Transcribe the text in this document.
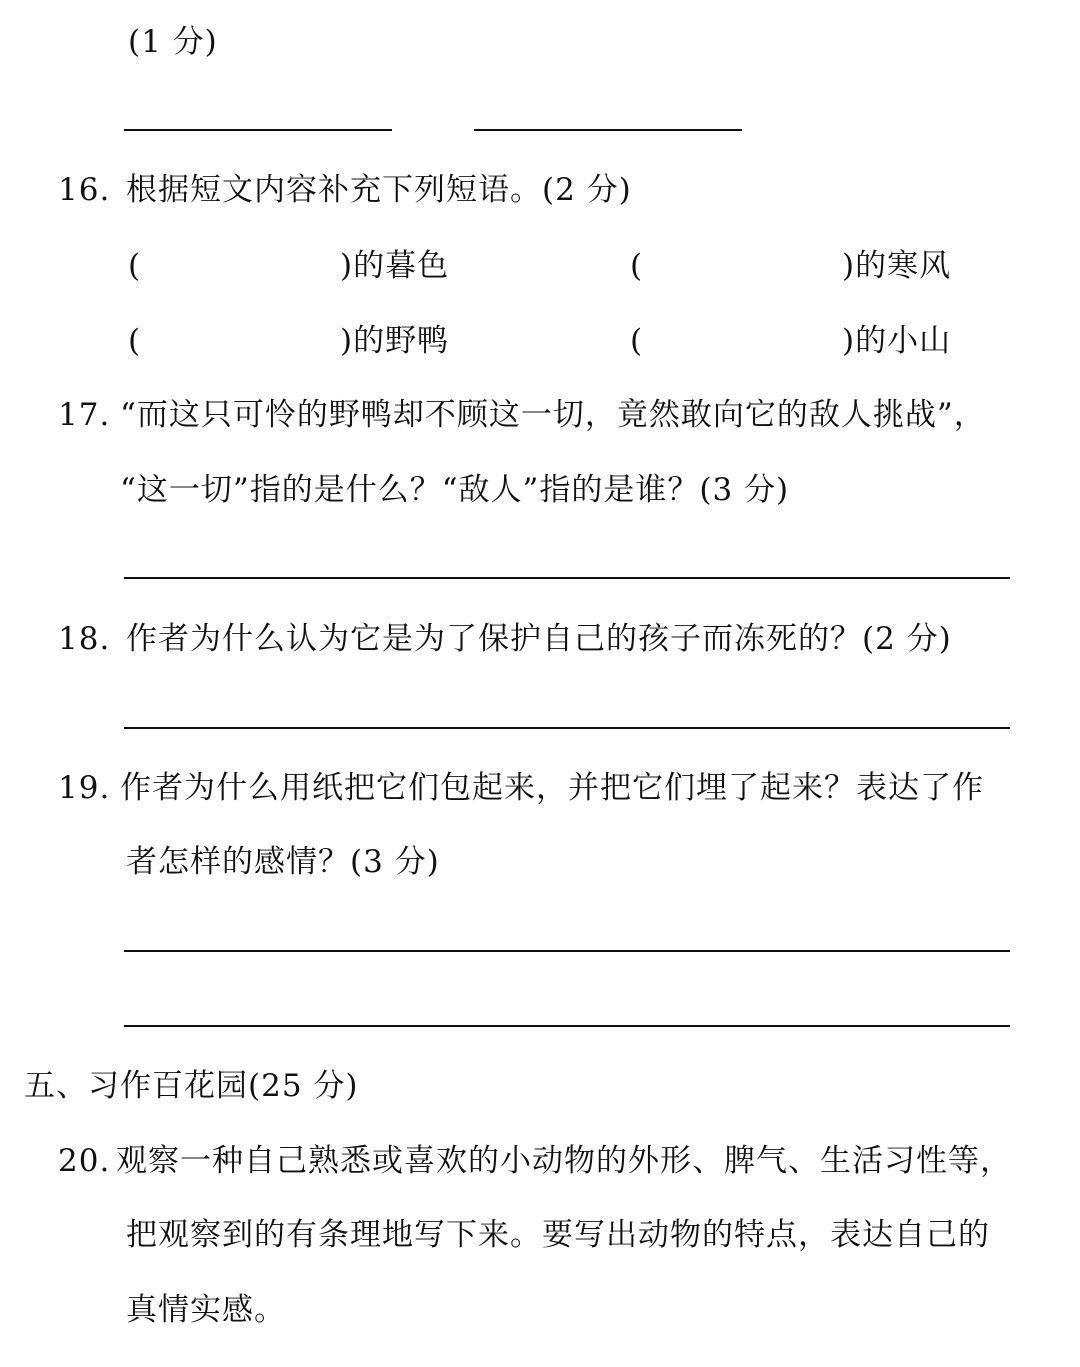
(1 分)
16. 根据短文内容补充下列短语。(2 分)
(	)的暮色	(	)的寒风
(	)的野鸭	(	)的小山
17. “而这只可怜的野鸭却不顾这一切，竟然敢向它的敌人挑战”，
“这一切”指的是什么？“敌人”指的是谁？(3 分)
18. 作者为什么认为它是为了保护自己的孩子而冻死的？(2 分)
19. 作者为什么用纸把它们包起来，并把它们埋了起来？表达了作
者怎样的感情？(3 分)
五、习作百花园(25 分)
20. 观察一种自己熟悉或喜欢的小动物的外形、脾气、生活习性等，
把观察到的有条理地写下来。要写出动物的特点，表达自己的
真情实感。
